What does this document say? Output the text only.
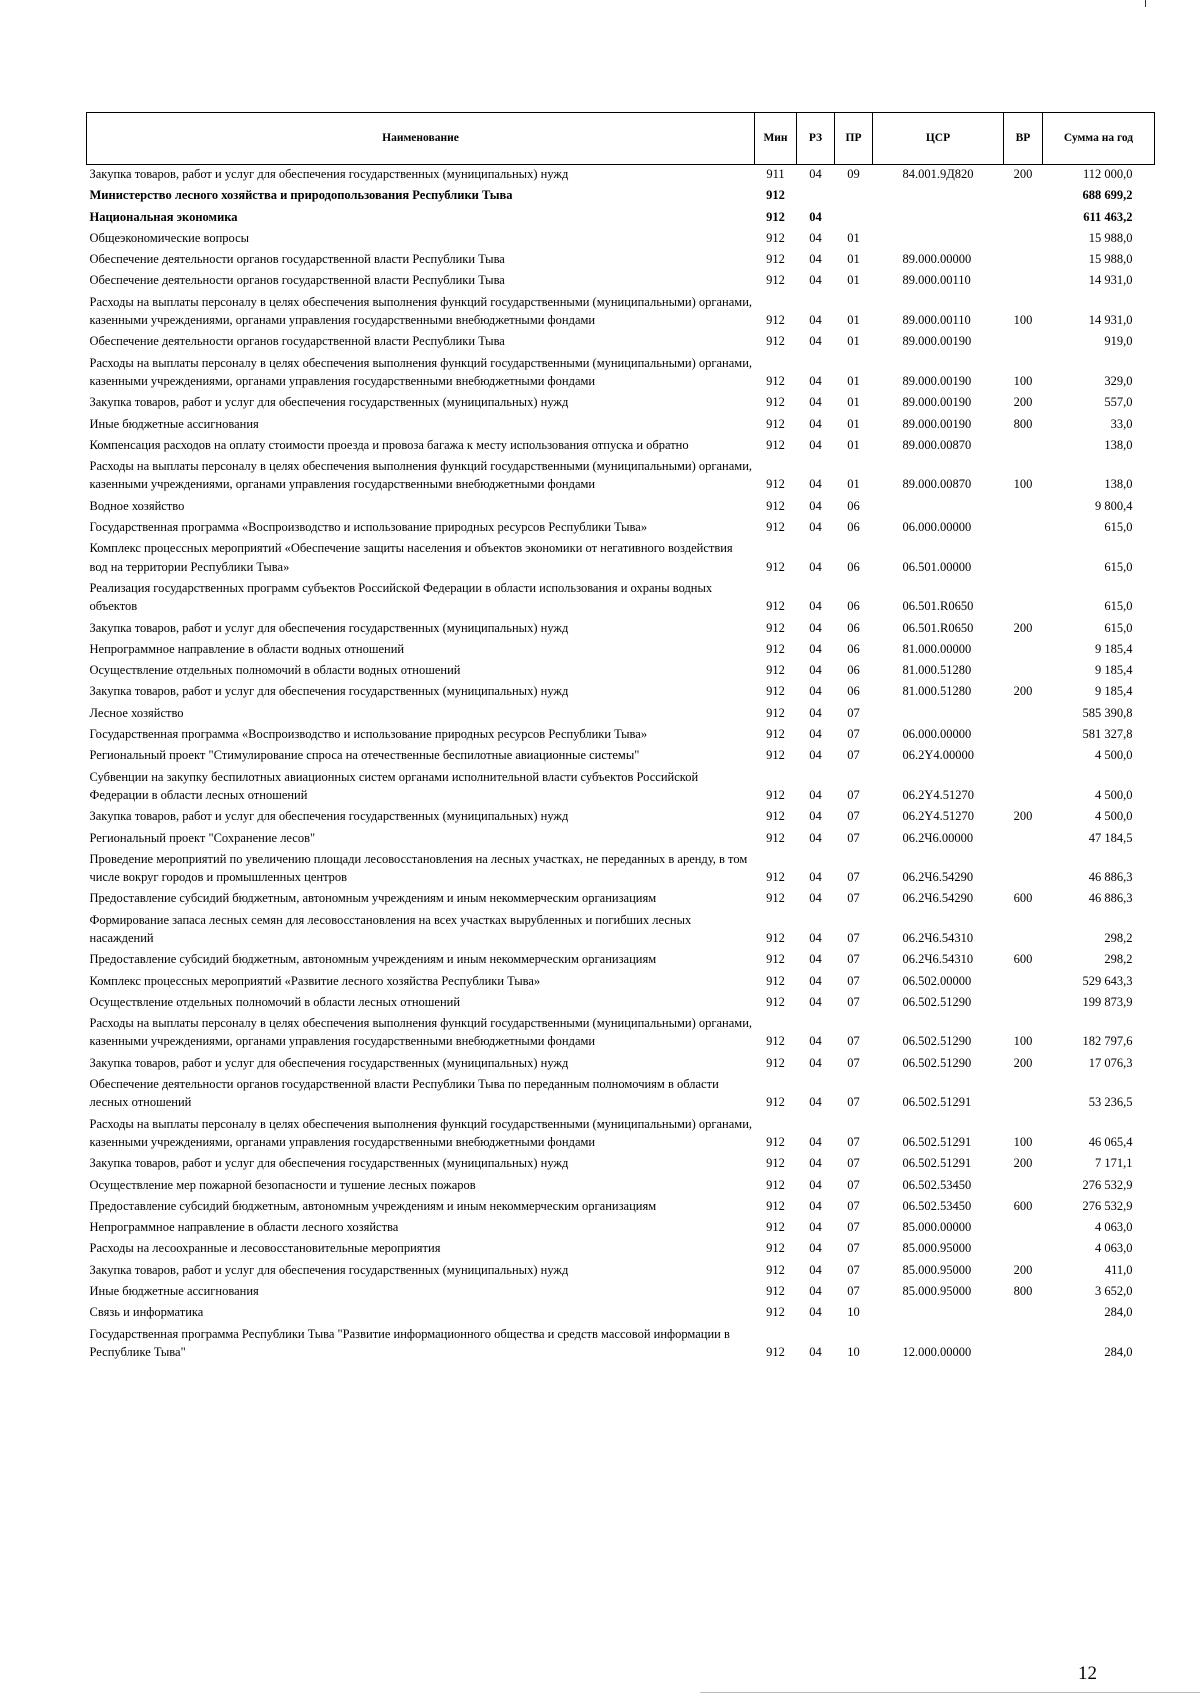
Наименование	Мин	РЗ	ПР	ЦСР	ВР	Сумма на год
Закупка товаров, работ и услуг для обеспечения государственных (муниципальных) нужд	911	04	09	84.001.9Д820	200	112 000,0
Министерство лесного хозяйства и природопользования Республики Тыва	912					688 699,2
Национальная экономика	912	04				611 463,2
Общеэкономические вопросы	912	04	01			15 988,0
Обеспечение деятельности органов государственной власти Республики Тыва	912	04	01	89.000.00000		15 988,0
Обеспечение деятельности органов государственной власти Республики Тыва	912	04	01	89.000.00110		14 931,0
Расходы на выплаты персоналу в целях обеспечения выполнения функций государственными (муниципальными) органами, казенными учреждениями, органами управления государственными внебюджетными фондами	912	04	01	89.000.00110	100	14 931,0
Обеспечение деятельности органов государственной власти Республики Тыва	912	04	01	89.000.00190		919,0
Расходы на выплаты персоналу в целях обеспечения выполнения функций государственными (муниципальными) органами, казенными учреждениями, органами управления государственными внебюджетными фондами	912	04	01	89.000.00190	100	329,0
Закупка товаров, работ и услуг для обеспечения государственных (муниципальных) нужд	912	04	01	89.000.00190	200	557,0
Иные бюджетные ассигнования	912	04	01	89.000.00190	800	33,0
Компенсация расходов на оплату стоимости проезда и провоза багажа к месту использования отпуска и обратно	912	04	01	89.000.00870		138,0
Расходы на выплаты персоналу в целях обеспечения выполнения функций государственными (муниципальными) органами, казенными учреждениями, органами управления государственными внебюджетными фондами	912	04	01	89.000.00870	100	138,0
Водное хозяйство	912	04	06			9 800,4
Государственная программа «Воспроизводство и использование природных ресурсов Республики Тыва»	912	04	06	06.000.00000		615,0
Комплекс процессных мероприятий «Обеспечение защиты населения и объектов экономики от негативного воздействия вод на территории Республики Тыва»	912	04	06	06.501.00000		615,0
Реализация государственных программ субъектов Российской Федерации в области использования и охраны водных объектов	912	04	06	06.501.R0650		615,0
Закупка товаров, работ и услуг для обеспечения государственных (муниципальных) нужд	912	04	06	06.501.R0650	200	615,0
Непрограммное направление в области водных отношений	912	04	06	81.000.00000		9 185,4
Осуществление отдельных полномочий в области водных отношений	912	04	06	81.000.51280		9 185,4
Закупка товаров, работ и услуг для обеспечения государственных (муниципальных) нужд	912	04	06	81.000.51280	200	9 185,4
Лесное хозяйство	912	04	07			585 390,8
Государственная программа «Воспроизводство и использование природных ресурсов Республики Тыва»	912	04	07	06.000.00000		581 327,8
Региональный проект "Стимулирование спроса на отечественные беспилотные авиационные системы"	912	04	07	06.2Y4.00000		4 500,0
Субвенции на закупку беспилотных авиационных систем органами исполнительной власти субъектов Российской Федерации в области лесных отношений	912	04	07	06.2Y4.51270		4 500,0
Закупка товаров, работ и услуг для обеспечения государственных (муниципальных) нужд	912	04	07	06.2Y4.51270	200	4 500,0
Региональный проект "Сохранение лесов"	912	04	07	06.2Ч6.00000		47 184,5
Проведение мероприятий по увеличению площади лесовосстановления на лесных участках, не переданных в аренду, в том числе вокруг городов и промышленных центров	912	04	07	06.2Ч6.54290		46 886,3
Предоставление субсидий бюджетным, автономным учреждениям и иным некоммерческим организациям	912	04	07	06.2Ч6.54290	600	46 886,3
Формирование запаса лесных семян для лесовосстановления на всех участках вырубленных и погибших лесных насаждений	912	04	07	06.2Ч6.54310		298,2
Предоставление субсидий бюджетным, автономным учреждениям и иным некоммерческим организациям	912	04	07	06.2Ч6.54310	600	298,2
Комплекс процессных мероприятий «Развитие лесного хозяйства Республики Тыва»	912	04	07	06.502.00000		529 643,3
Осуществление отдельных полномочий в области лесных отношений	912	04	07	06.502.51290		199 873,9
Расходы на выплаты персоналу в целях обеспечения выполнения функций государственными (муниципальными) органами, казенными учреждениями, органами управления государственными внебюджетными фондами	912	04	07	06.502.51290	100	182 797,6
Закупка товаров, работ и услуг для обеспечения государственных (муниципальных) нужд	912	04	07	06.502.51290	200	17 076,3
Обеспечение деятельности органов государственной власти Республики Тыва по переданным полномочиям в области лесных отношений	912	04	07	06.502.51291		53 236,5
Расходы на выплаты персоналу в целях обеспечения выполнения функций государственными (муниципальными) органами, казенными учреждениями, органами управления государственными внебюджетными фондами	912	04	07	06.502.51291	100	46 065,4
Закупка товаров, работ и услуг для обеспечения государственных (муниципальных) нужд	912	04	07	06.502.51291	200	7 171,1
Осуществление мер пожарной безопасности и тушение лесных пожаров	912	04	07	06.502.53450		276 532,9
Предоставление субсидий бюджетным, автономным учреждениям и иным некоммерческим организациям	912	04	07	06.502.53450	600	276 532,9
Непрограммное направление в области лесного хозяйства	912	04	07	85.000.00000		4 063,0
Расходы на лесоохранные и лесовосстановительные мероприятия	912	04	07	85.000.95000		4 063,0
Закупка товаров, работ и услуг для обеспечения государственных (муниципальных) нужд	912	04	07	85.000.95000	200	411,0
Иные бюджетные ассигнования	912	04	07	85.000.95000	800	3 652,0
Связь и информатика	912	04	10			284,0
Государственная программа Республики Тыва "Развитие информационного общества и средств массовой информации в Республике Тыва"	912	04	10	12.000.00000		284,0
12
